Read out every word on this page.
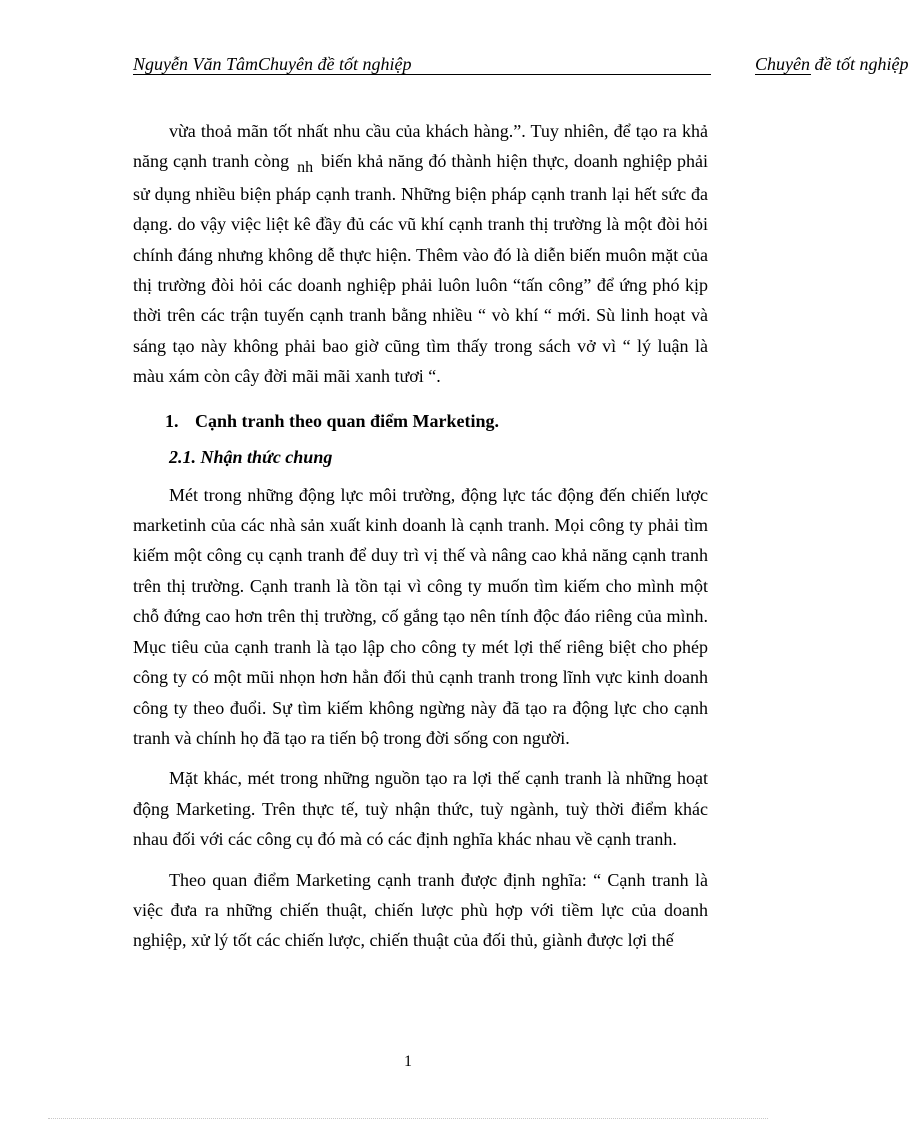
Nguyễn Văn TâmChuyên đề tốt nghiệp	Chuyên đề tốt nghiệp

vừa thoả mãn tốt nhất nhu cầu của khách hàng.”. Tuy nhiên, để tạo ra khả năng cạnh tranh còng nh biến khả năng đó thành hiện thực, doanh nghiệp phải sử dụng nhiều biện pháp cạnh tranh. Những biện pháp cạnh tranh lại hết sức đa dạng. do vậy việc liệt kê đầy đủ các vũ khí cạnh tranh thị trường là một đòi hỏi chính đáng nhưng không dễ thực hiện. Thêm vào đó là diễn biến muôn mặt của thị trường đòi hỏi các doanh nghiệp phải luôn luôn “tấn công” để ứng phó kịp thời trên các trận tuyến cạnh tranh bằng nhiều “ vò khí “ mới. Sù linh hoạt và sáng tạo này không phải bao giờ cũng tìm thấy trong sách vở vì “ lý luận là màu xám còn cây đời mãi mãi xanh tươi “.

1. Cạnh tranh theo quan điểm Marketing.
2.1. Nhận thức chung

Mét trong những động lực môi trường, động lực tác động đến chiến lược marketinh của các nhà sản xuất kinh doanh là cạnh tranh. Mọi công ty phải tìm kiếm một công cụ cạnh tranh để duy trì vị thế và nâng cao khả năng cạnh tranh trên thị trường. Cạnh tranh là tồn tại vì công ty muốn tìm kiếm cho mình một chỗ đứng cao hơn trên thị trường, cố gắng tạo nên tính độc đáo riêng của mình. Mục tiêu của cạnh tranh là tạo lập cho công ty mét lợi thế riêng biệt cho phép công ty có một mũi nhọn hơn hẳn đối thủ cạnh tranh trong lĩnh vực kinh doanh công ty theo đuổi. Sự tìm kiếm không ngừng này đã tạo ra động lực cho cạnh tranh và chính họ đã tạo ra tiến bộ trong đời sống con người.

Mặt khác, mét trong những nguồn tạo ra lợi thế cạnh tranh là những hoạt động Marketing. Trên thực tế, tuỳ nhận thức, tuỳ ngành, tuỳ thời điểm khác nhau đối với các công cụ đó mà có các định nghĩa khác nhau về cạnh tranh.

Theo quan điểm Marketing cạnh tranh được định nghĩa: “ Cạnh tranh là việc đưa ra những chiến thuật, chiến lược phù hợp với tiềm lực của doanh nghiệp, xử lý tốt các chiến lược, chiến thuật của đối thủ, giành được lợi thế

1
